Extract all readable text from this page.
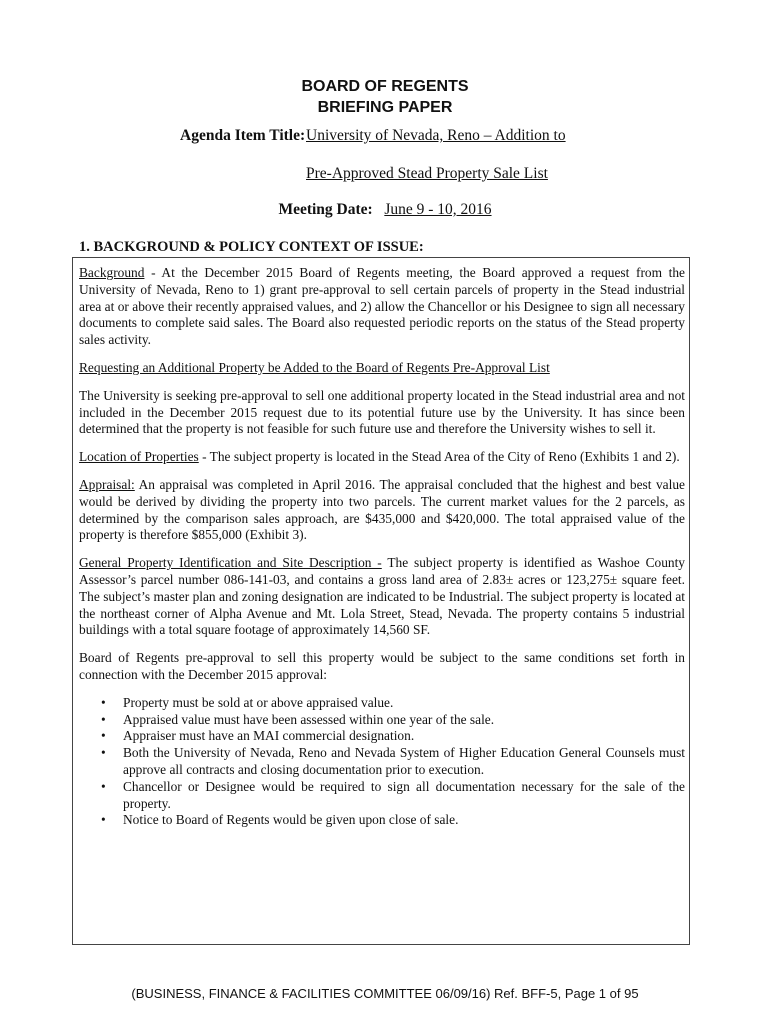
BOARD OF REGENTS
BRIEFING PAPER
Agenda Item Title: University of Nevada, Reno – Addition to
Pre-Approved Stead Property Sale List
Meeting Date: June 9 - 10, 2016
1. BACKGROUND & POLICY CONTEXT OF ISSUE:

Background - At the December 2015 Board of Regents meeting, the Board approved a request from the University of Nevada, Reno to 1) grant pre-approval to sell certain parcels of property in the Stead industrial area at or above their recently appraised values, and 2) allow the Chancellor or his Designee to sign all necessary documents to complete said sales. The Board also requested periodic reports on the status of the Stead property sales activity.

Requesting an Additional Property be Added to the Board of Regents Pre-Approval List

The University is seeking pre-approval to sell one additional property located in the Stead industrial area and not included in the December 2015 request due to its potential future use by the University. It has since been determined that the property is not feasible for such future use and therefore the University wishes to sell it.

Location of Properties - The subject property is located in the Stead Area of the City of Reno (Exhibits 1 and 2).

Appraisal: An appraisal was completed in April 2016. The appraisal concluded that the highest and best value would be derived by dividing the property into two parcels. The current market values for the 2 parcels, as determined by the comparison sales approach, are $435,000 and $420,000. The total appraised value of the property is therefore $855,000 (Exhibit 3).

General Property Identification and Site Description - The subject property is identified as Washoe County Assessor’s parcel number 086-141-03, and contains a gross land area of 2.83± acres or 123,275± square feet. The subject’s master plan and zoning designation are indicated to be Industrial. The subject property is located at the northeast corner of Alpha Avenue and Mt. Lola Street, Stead, Nevada. The property contains 5 industrial buildings with a total square footage of approximately 14,560 SF.

Board of Regents pre-approval to sell this property would be subject to the same conditions set forth in connection with the December 2015 approval:

• Property must be sold at or above appraised value.
• Appraised value must have been assessed within one year of the sale.
• Appraiser must have an MAI commercial designation.
• Both the University of Nevada, Reno and Nevada System of Higher Education General Counsels must approve all contracts and closing documentation prior to execution.
• Chancellor or Designee would be required to sign all documentation necessary for the sale of the property.
• Notice to Board of Regents would be given upon close of sale.
(BUSINESS, FINANCE & FACILITIES COMMITTEE 06/09/16) Ref. BFF-5, Page 1 of 95
